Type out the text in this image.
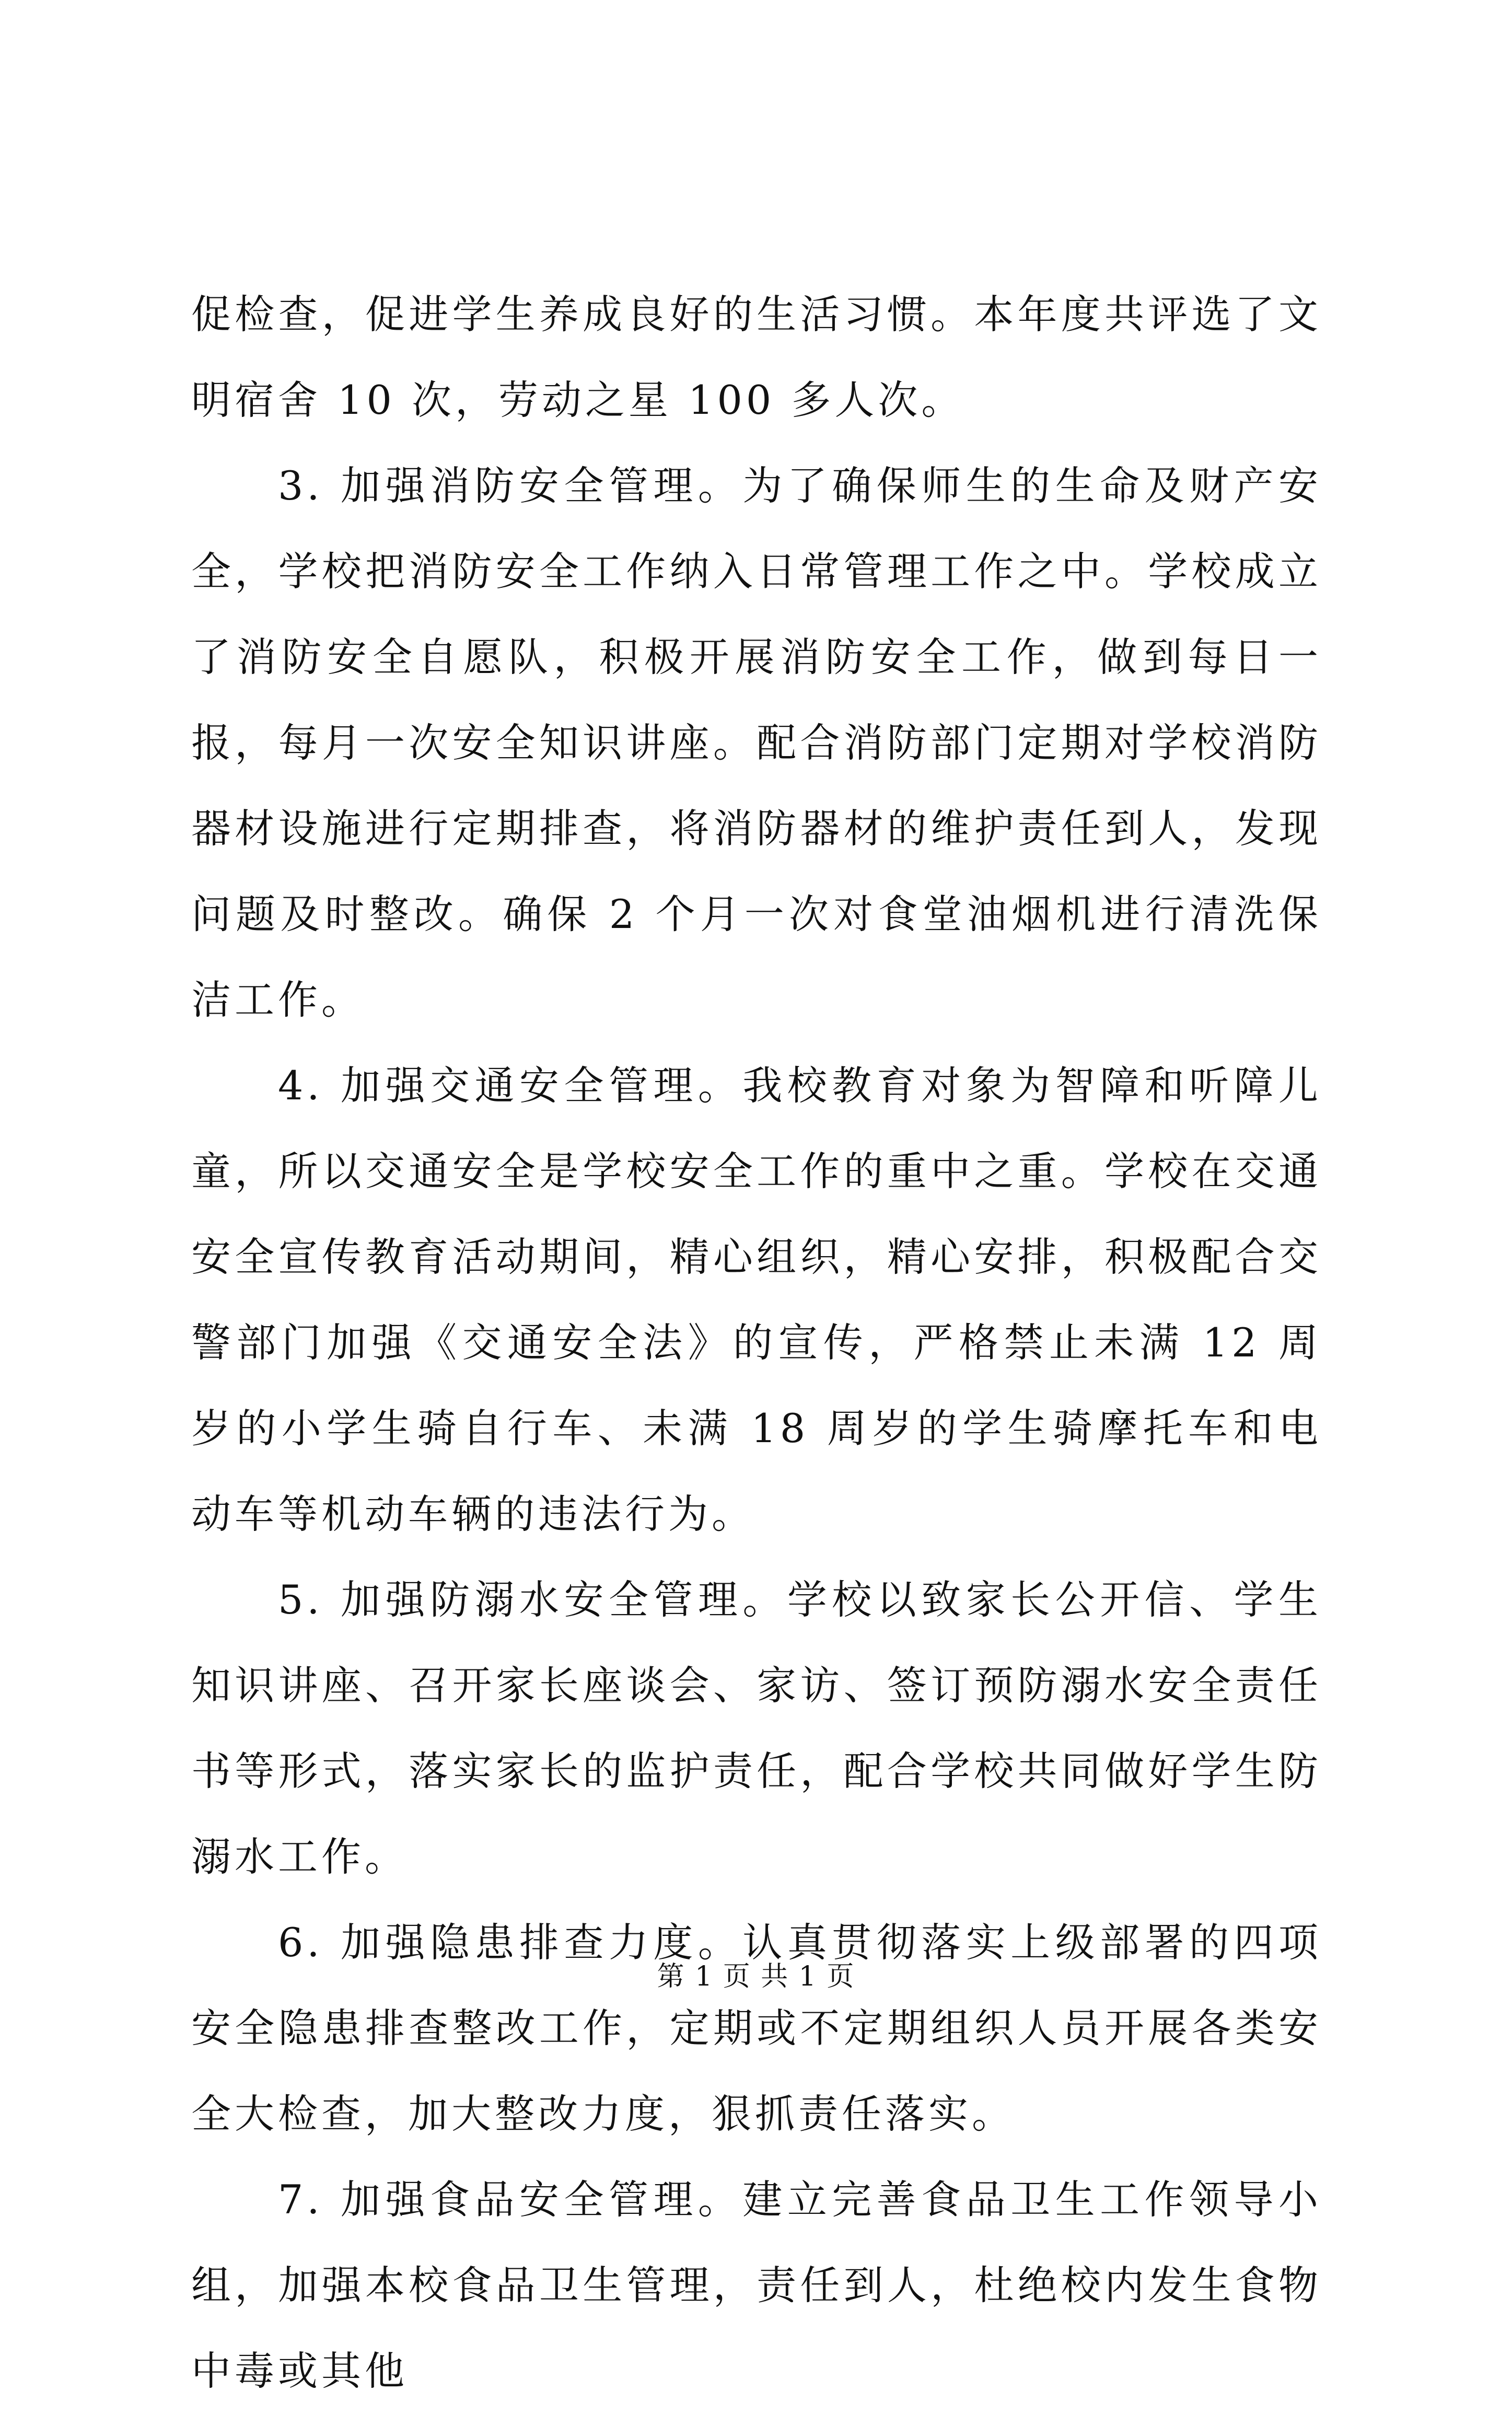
促检查，促进学生养成良好的生活习惯。本年度共评选了文明宿舍 10 次，劳动之星 100 多人次。

3. 加强消防安全管理。为了确保师生的生命及财产安全，学校把消防安全工作纳入日常管理工作之中。学校成立了消防安全自愿队，积极开展消防安全工作，做到每日一报，每月一次安全知识讲座。配合消防部门定期对学校消防器材设施进行定期排查，将消防器材的维护责任到人，发现问题及时整改。确保 2 个月一次对食堂油烟机进行清洗保洁工作。

4. 加强交通安全管理。我校教育对象为智障和听障儿童，所以交通安全是学校安全工作的重中之重。学校在交通安全宣传教育活动期间，精心组织，精心安排，积极配合交警部门加强《交通安全法》的宣传，严格禁止未满 12 周岁的小学生骑自行车、未满 18 周岁的学生骑摩托车和电动车等机动车辆的违法行为。

5. 加强防溺水安全管理。学校以致家长公开信、学生知识讲座、召开家长座谈会、家访、签订预防溺水安全责任书等形式，落实家长的监护责任，配合学校共同做好学生防溺水工作。

6. 加强隐患排查力度。认真贯彻落实上级部署的四项安全隐患排查整改工作，定期或不定期组织人员开展各类安全大检查，加大整改力度，狠抓责任落实。

7. 加强食品安全管理。建立完善食品卫生工作领导小组，加强本校食品卫生管理，责任到人，杜绝校内发生食物中毒或其他

第 1 页 共 1 页
